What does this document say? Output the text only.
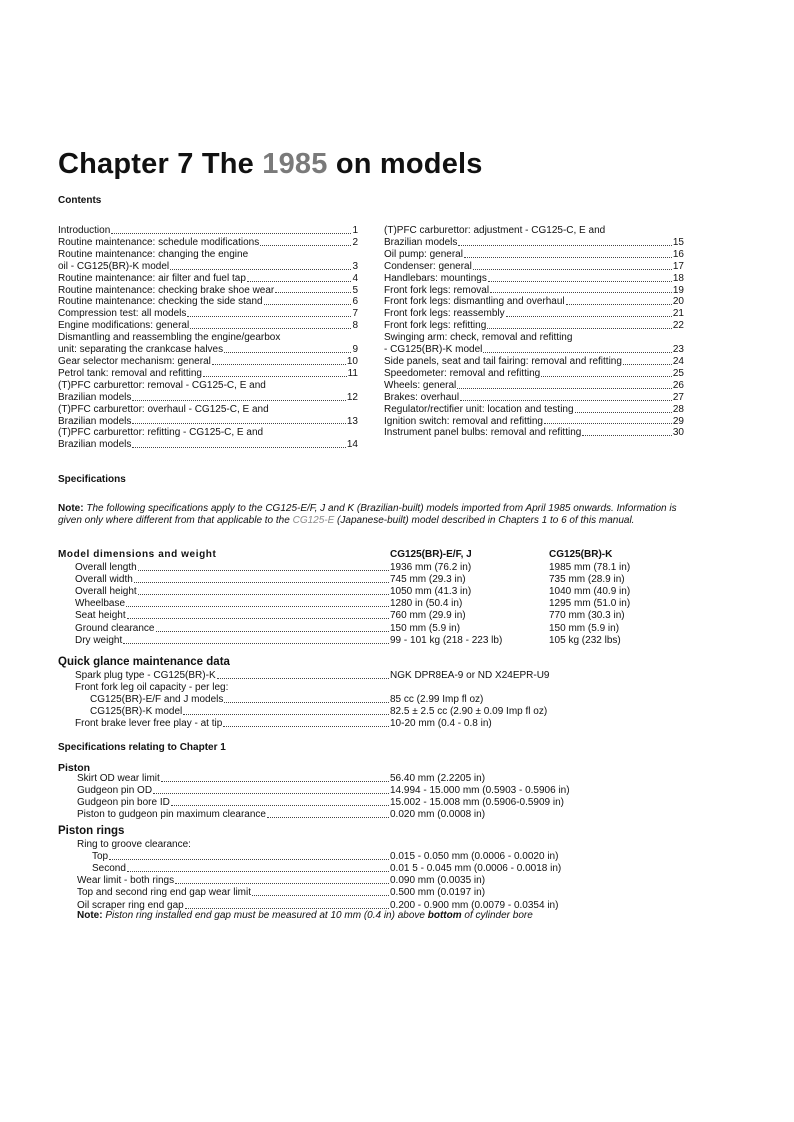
Chapter 7 The 1985 on models
Contents
Introduction	1
Routine maintenance: schedule modifications	2
Routine maintenance: changing the engine
oil - CG125(BR)-K model	3
Routine maintenance: air filter and fuel tap	4
Routine maintenance: checking brake shoe wear	5
Routine maintenance: checking the side stand	6
Compression test: all models	7
Engine modifications: general	8
Dismantling and reassembling the engine/gearbox
unit: separating the crankcase halves	9
Gear selector mechanism: general	10
Petrol tank: removal and refitting	11
(T)PFC carburettor: removal - CG125-C, E and
Brazilian models	12
(T)PFC carburettor: overhaul - CG125-C, E and
Brazilian models	13
(T)PFC carburettor: refitting - CG125-C, E and
Brazilian models	14
(T)PFC carburettor: adjustment - CG125-C, E and
Brazilian models	15
Oil pump: general	16
Condenser: general	17
Handlebars: mountings	18
Front fork legs: removal	19
Front fork legs: dismantling and overhaul	20
Front fork legs: reassembly	21
Front fork legs: refitting	22
Swinging arm: check, removal and refitting
- CG125(BR)-K model	23
Side panels, seat and tail fairing: removal and refitting	24
Speedometer: removal and refitting	25
Wheels: general	26
Brakes: overhaul	27
Regulator/rectifier unit: location and testing	28
Ignition switch: removal and refitting	29
Instrument panel bulbs: removal and refitting	30
Specifications
Note: The following specifications apply to the CG125-E/F, J and K (Brazilian-built) models imported from April 1985 onwards. Information is given only where different from that applicable to the CG125-E (Japanese-built) model described in Chapters 1 to 6 of this manual.
Model dimensions and weight	CG125(BR)-E/F, J	CG125(BR)-K
Overall length	1936 mm (76.2 in)	1985 mm (78.1 in)
Overall width	745 mm (29.3 in)	735 mm (28.9 in)
Overall height	1050 mm (41.3 in)	1040 mm (40.9 in)
Wheelbase	1280 in (50.4 in)	1295 mm (51.0 in)
Seat height	760 mm (29.9 in)	770 mm (30.3 in)
Ground clearance	150 mm (5.9 in)	150 mm (5.9 in)
Dry weight	99 - 101 kg (218 - 223 lb)	105 kg (232 lbs)
Quick glance maintenance data
Spark plug type - CG125(BR)-K	NGK DPR8EA-9 or ND X24EPR-U9
Front fork leg oil capacity - per leg:
CG125(BR)-E/F and J models	85 cc (2.99 Imp fl oz)
CG125(BR)-K model	82.5 ± 2.5 cc (2.90 ± 0.09 Imp fl oz)
Front brake lever free play - at tip	10-20 mm (0.4 - 0.8 in)
Specifications relating to Chapter 1
Piston
Skirt OD wear limit	56.40 mm (2.2205 in)
Gudgeon pin OD	14.994 - 15.000 mm (0.5903 - 0.5906 in)
Gudgeon pin bore ID	15.002 - 15.008 mm (0.5906-0.5909 in)
Piston to gudgeon pin maximum clearance	0.020 mm (0.0008 in)
Piston rings
Ring to groove clearance:
Top	0.015 - 0.050 mm (0.0006 - 0.0020 in)
Second	0.01 5 - 0.045 mm (0.0006 - 0.0018 in)
Wear limit - both rings	0.090 mm (0.0035 in)
Top and second ring end gap wear limit	0.500 mm (0.0197 in)
Oil scraper ring end gap	0.200 - 0.900 mm (0.0079 - 0.0354 in)
Note: Piston ring installed end gap must be measured at 10 mm (0.4 in) above bottom of cylinder bore
